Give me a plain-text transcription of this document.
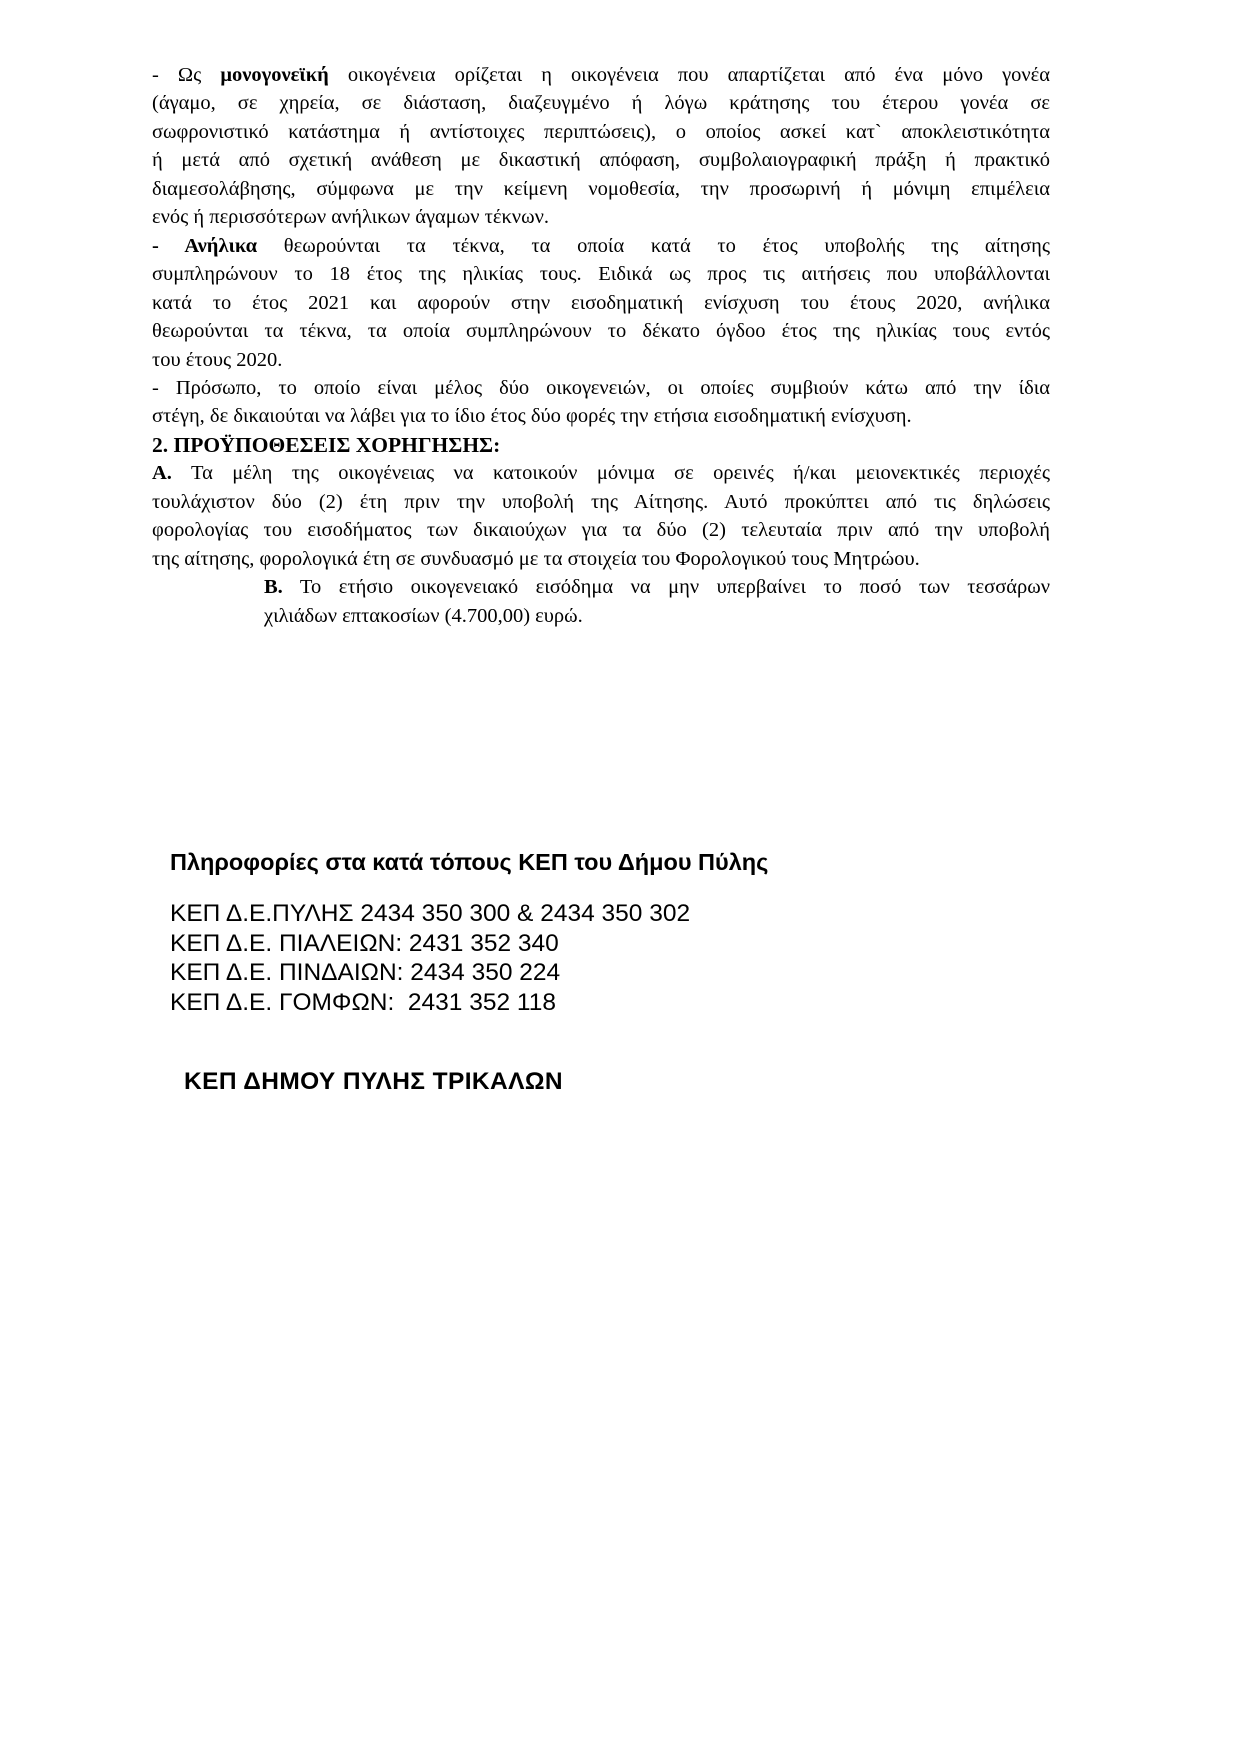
- Ως μονογονεϊκή οικογένεια ορίζεται η οικογένεια που απαρτίζεται από ένα μόνο γονέα
(άγαμο, σε χηρεία, σε διάσταση, διαζευγμένο ή λόγω κράτησης του έτερου γονέα σε
σωφρονιστικό κατάστημα ή αντίστοιχες περιπτώσεις), ο οποίος ασκεί κατ` αποκλειστικότητα
ή μετά από σχετική ανάθεση με δικαστική απόφαση, συμβολαιογραφική πράξη ή πρακτικό
διαμεσολάβησης, σύμφωνα με την κείμενη νομοθεσία, την προσωρινή ή μόνιμη επιμέλεια
ενός ή περισσότερων ανήλικων άγαμων τέκνων.
- Ανήλικα θεωρούνται τα τέκνα, τα οποία κατά το έτος υποβολής της αίτησης
συμπληρώνουν το 18 έτος της ηλικίας τους. Ειδικά ως προς τις αιτήσεις που υποβάλλονται
κατά το έτος 2021 και αφορούν στην εισοδηματική ενίσχυση του έτους 2020, ανήλικα
θεωρούνται τα τέκνα, τα οποία συμπληρώνουν το δέκατο όγδοο έτος της ηλικίας τους εντός
του έτους 2020.
- Πρόσωπο, το οποίο είναι μέλος δύο οικογενειών, οι οποίες συμβιούν κάτω από την ίδια
στέγη, δε δικαιούται να λάβει για το ίδιο έτος δύο φορές την ετήσια εισοδηματική ενίσχυση.
2. ΠΡΟΫΠΟΘΕΣΕΙΣ ΧΟΡΗΓΗΣΗΣ:
Α. Τα μέλη της οικογένειας να κατοικούν μόνιμα σε ορεινές ή/και μειονεκτικές περιοχές
τουλάχιστον δύο (2) έτη πριν την υποβολή της Αίτησης. Αυτό προκύπτει από τις δηλώσεις
φορολογίας του εισοδήματος των δικαιούχων για τα δύο (2) τελευταία πριν από την υποβολή
της αίτησης, φορολογικά έτη σε συνδυασμό με τα στοιχεία του Φορολογικού τους Μητρώου.
Β. Το ετήσιο οικογενειακό εισόδημα να μην υπερβαίνει το ποσό των τεσσάρων
χιλιάδων επτακοσίων (4.700,00) ευρώ.
Πληροφορίες στα κατά τόπους ΚΕΠ του Δήμου Πύλης
ΚΕΠ Δ.Ε.ΠΥΛΗΣ 2434 350 300 & 2434 350 302
ΚΕΠ Δ.Ε. ΠΙΑΛΕΙΩΝ: 2431 352 340
ΚΕΠ Δ.Ε. ΠΙΝΔΑΙΩΝ: 2434 350 224
ΚΕΠ Δ.Ε. ΓΟΜΦΩΝ:  2431 352 118
ΚΕΠ ΔΗΜΟΥ ΠΥΛΗΣ ΤΡΙΚΑΛΩΝ
